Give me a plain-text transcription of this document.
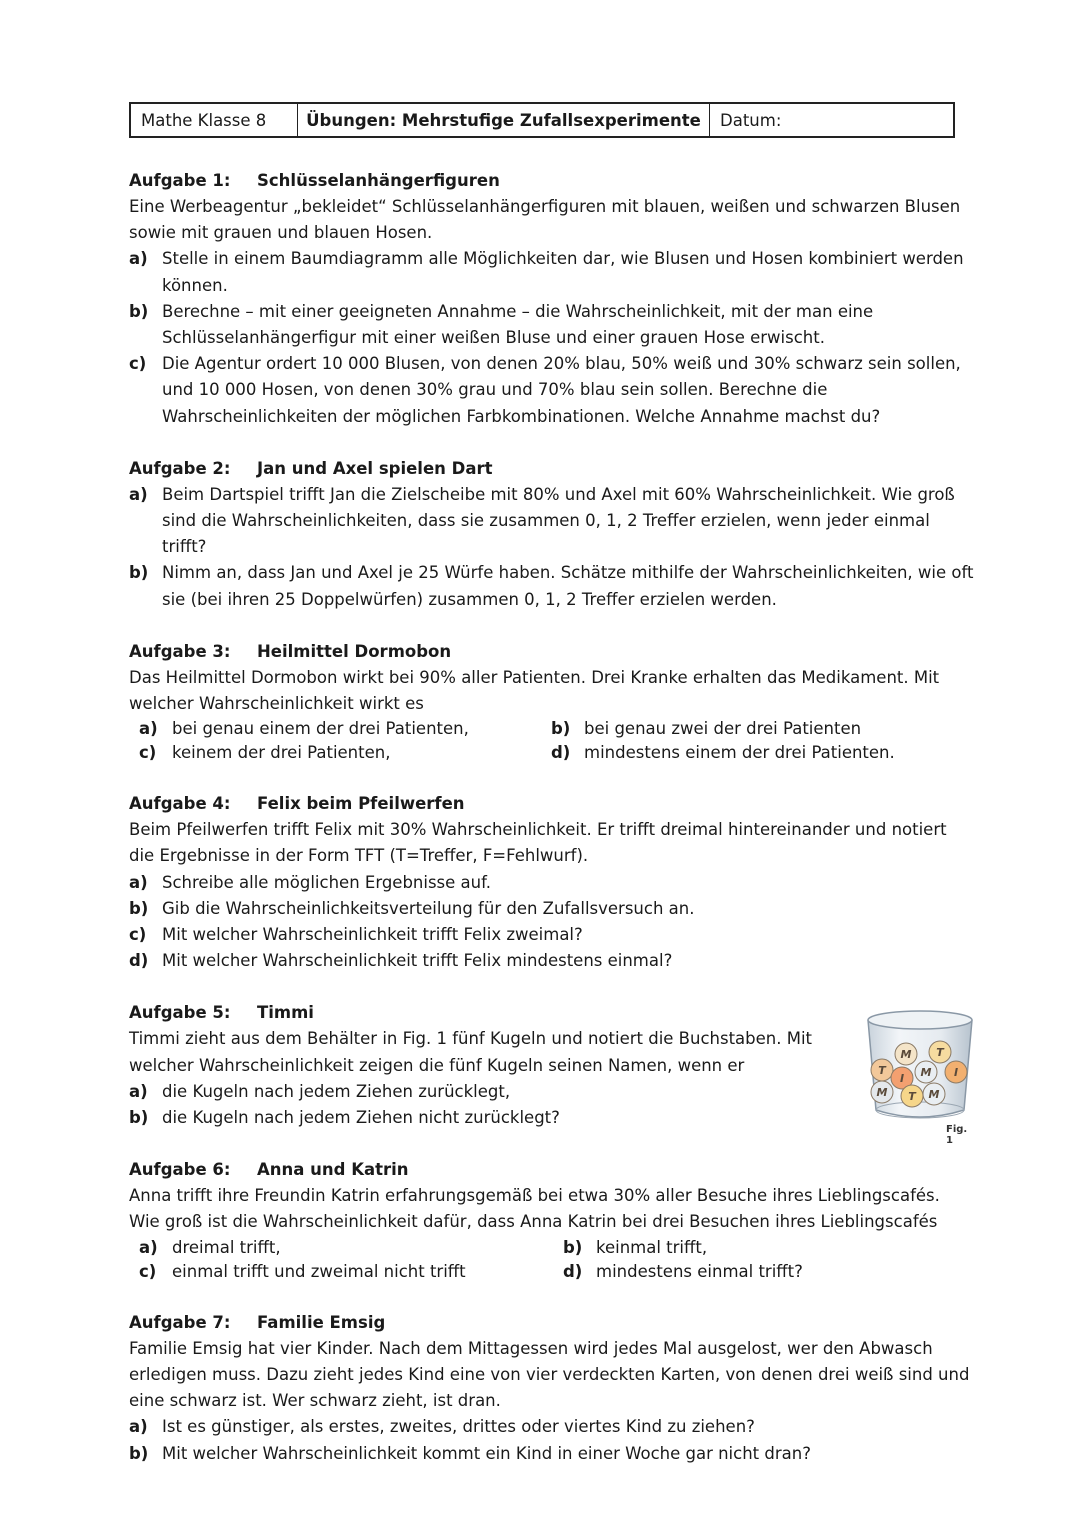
Mathe Klasse 8	Übungen: Mehrstufige Zufallsexperimente	Datum:
Aufgabe 1:	Schlüsselanhängerfiguren
Eine Werbeagentur „bekleidet“ Schlüsselanhängerfiguren mit blauen, weißen und schwarzen Blusen sowie mit grauen und blauen Hosen.
a) Stelle in einem Baumdiagramm alle Möglichkeiten dar, wie Blusen und Hosen kombiniert werden können.
b) Berechne – mit einer geeigneten Annahme – die Wahrscheinlichkeit, mit der man eine Schlüsselanhängerfigur mit einer weißen Bluse und einer grauen Hose erwischt.
c) Die Agentur ordert 10 000 Blusen, von denen 20% blau, 50% weiß und 30% schwarz sein sollen, und 10 000 Hosen, von denen 30% grau und 70% blau sein sollen. Berechne die Wahrscheinlichkeiten der möglichen Farbkombinationen. Welche Annahme machst du?
Aufgabe 2:	Jan und Axel spielen Dart
a) Beim Dartspiel trifft Jan die Zielscheibe mit 80% und Axel mit 60% Wahrscheinlichkeit. Wie groß sind die Wahrscheinlichkeiten, dass sie zusammen 0, 1, 2 Treffer erzielen, wenn jeder einmal trifft?
b) Nimm an, dass Jan und Axel je 25 Würfe haben. Schätze mithilfe der Wahrscheinlichkeiten, wie oft sie (bei ihren 25 Doppelwürfen) zusammen 0, 1, 2 Treffer erzielen werden.
Aufgabe 3:	Heilmittel Dormobon
Das Heilmittel Dormobon wirkt bei 90% aller Patienten. Drei Kranke erhalten das Medikament. Mit welcher Wahrscheinlichkeit wirkt es
a) bei genau einem der drei Patienten,	b) bei genau zwei der drei Patienten
c) keinem der drei Patienten,	d) mindestens einem der drei Patienten.
Aufgabe 4:	Felix beim Pfeilwerfen
Beim Pfeilwerfen trifft Felix mit 30% Wahrscheinlichkeit. Er trifft dreimal hintereinander und notiert die Ergebnisse in der Form TFT (T=Treffer, F=Fehlwurf).
a) Schreibe alle möglichen Ergebnisse auf.
b) Gib die Wahrscheinlichkeitsverteilung für den Zufallsversuch an.
c) Mit welcher Wahrscheinlichkeit trifft Felix zweimal?
d) Mit welcher Wahrscheinlichkeit trifft Felix mindestens einmal?
Aufgabe 5:	Timmi
Timmi zieht aus dem Behälter in Fig. 1 fünf Kugeln und notiert die Buchstaben. Mit welcher Wahrscheinlichkeit zeigen die fünf Kugeln seinen Namen, wenn er
a) die Kugeln nach jedem Ziehen zurücklegt,
b) die Kugeln nach jedem Ziehen nicht zurücklegt?
M T
T	M
I	I
M T M
Fig. 1
Aufgabe 6:	Anna und Katrin
Anna trifft ihre Freundin Katrin erfahrungsgemäß bei etwa 30% aller Besuche ihres Lieblingscafés. Wie groß ist die Wahrscheinlichkeit dafür, dass Anna Katrin bei drei Besuchen ihres Lieblingscafés
a) dreimal trifft,	b) keinmal trifft,
c) einmal trifft und zweimal nicht trifft	d) mindestens einmal trifft?
Aufgabe 7:	Familie Emsig
Familie Emsig hat vier Kinder. Nach dem Mittagessen wird jedes Mal ausgelost, wer den Abwasch erledigen muss. Dazu zieht jedes Kind eine von vier verdeckten Karten, von denen drei weiß sind und eine schwarz ist. Wer schwarz zieht, ist dran.
a) Ist es günstiger, als erstes, zweites, drittes oder viertes Kind zu ziehen?
b) Mit welcher Wahrscheinlichkeit kommt ein Kind in einer Woche gar nicht dran?
